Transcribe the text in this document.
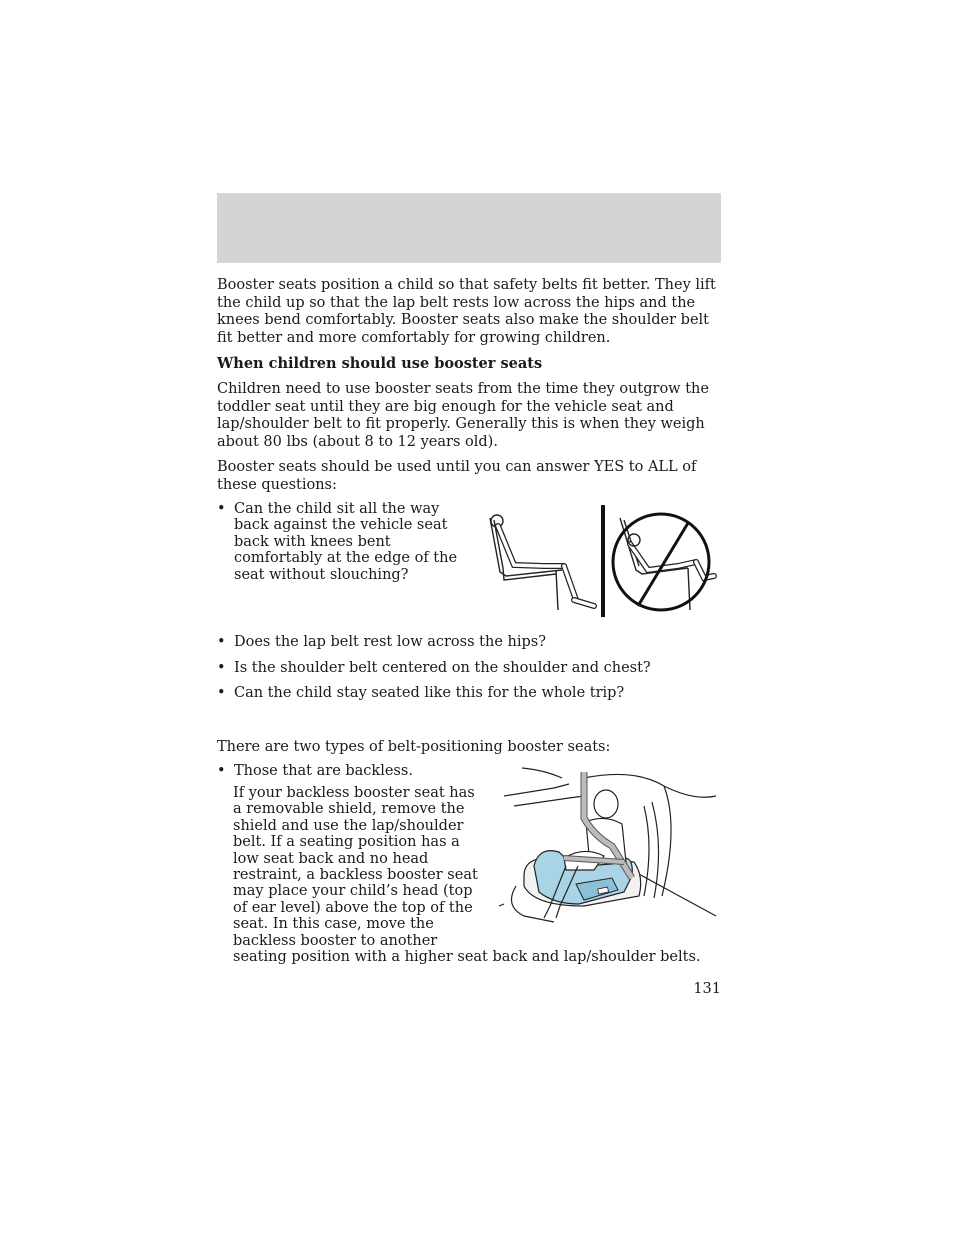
Booster seats position a child so that safety belts fit better. They lift the child up so that the lap belt rests low across the hips and the knees bend comfortably. Booster seats also make the shoulder belt fit better and more comfortably for growing children.

When children should use booster seats

Children need to use booster seats from the time they outgrow the toddler seat until they are big enough for the vehicle seat and lap/shoulder belt to fit properly. Generally this is when they weigh about 80 lbs (about 8 to 12 years old).

Booster seats should be used until you can answer YES to ALL of these questions:

• Can the child sit all the way back against the vehicle seat back with knees bent comfortably at the edge of the seat without slouching?
• Does the lap belt rest low across the hips?
• Is the shoulder belt centered on the shoulder and chest?
• Can the child stay seated like this for the whole trip?

There are two types of belt-positioning booster seats:

• Those that are backless.
If your backless booster seat has a removable shield, remove the shield and use the lap/shoulder belt. If a seating position has a low seat back and no head restraint, a backless booster seat may place your child’s head (top of ear level) above the top of the seat. In this case, move the backless booster to another
seating position with a higher seat back and lap/shoulder belts.
131
